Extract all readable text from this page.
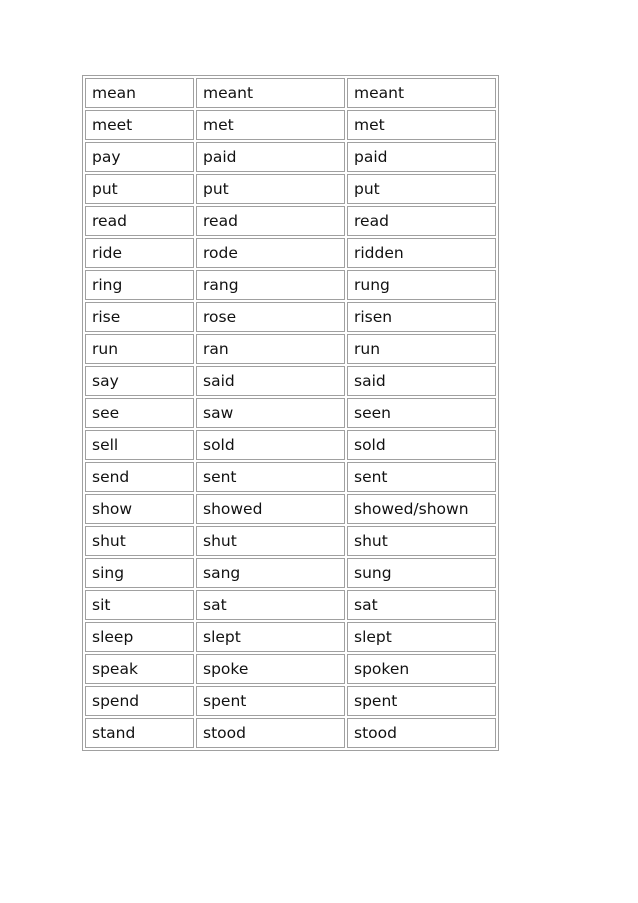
mean	meant	meant
meet	met	met
pay	paid	paid
put	put	put
read	read	read
ride	rode	ridden
ring	rang	rung
rise	rose	risen
run	ran	run
say	said	said
see	saw	seen
sell	sold	sold
send	sent	sent
show	showed	showed/shown
shut	shut	shut
sing	sang	sung
sit	sat	sat
sleep	slept	slept
speak	spoke	spoken
spend	spent	spent
stand	stood	stood
